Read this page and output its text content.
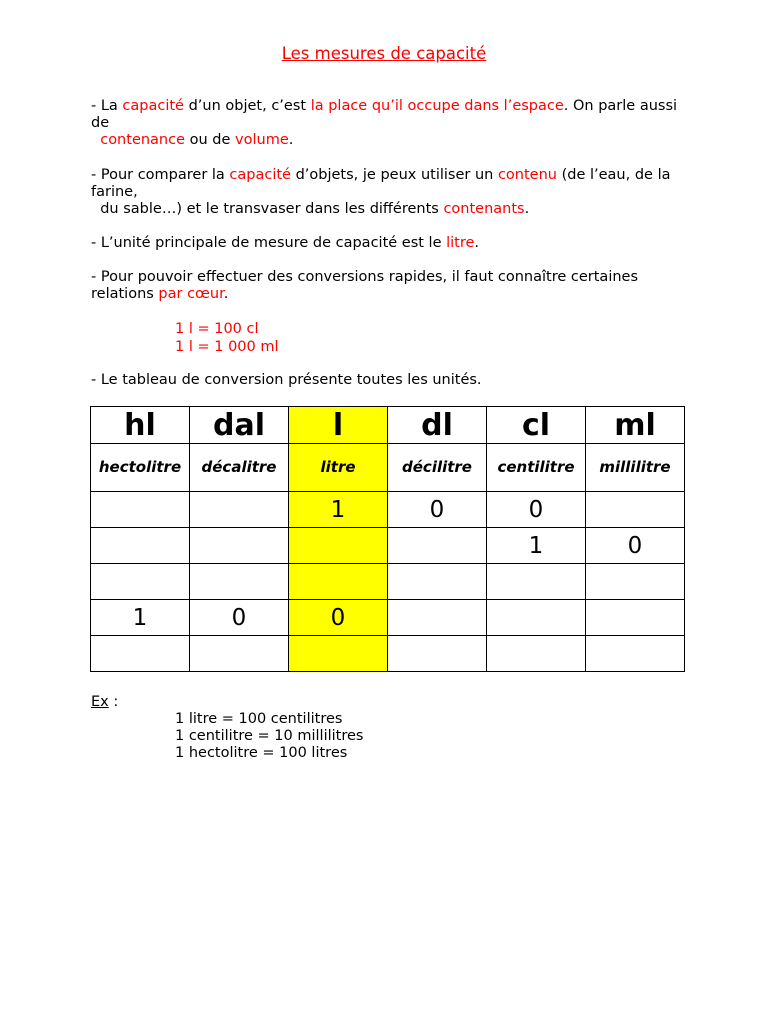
Les mesures de capacité

- La capacité d’un objet, c’est la place qu’il occupe dans l’espace. On parle aussi de
contenance ou de volume.

- Pour comparer la capacité d’objets, je peux utiliser un contenu (de l’eau, de la farine,
du sable…) et le transvaser dans les différents contenants.

- L’unité principale de mesure de capacité est le litre.

- Pour pouvoir effectuer des conversions rapides, il faut connaître certaines relations par cœur.

1 l = 100 cl
1 l = 1 000 ml

- Le tableau de conversion présente toutes les unités.

hl	dal	l	dl	cl	ml
hectolitre	décalitre	litre	décilitre	centilitre	millilitre
		1	0	0	
				1	0

1	0	0			

Ex :
1 litre = 100 centilitres
1 centilitre = 10 millilitres
1 hectolitre = 100 litres
